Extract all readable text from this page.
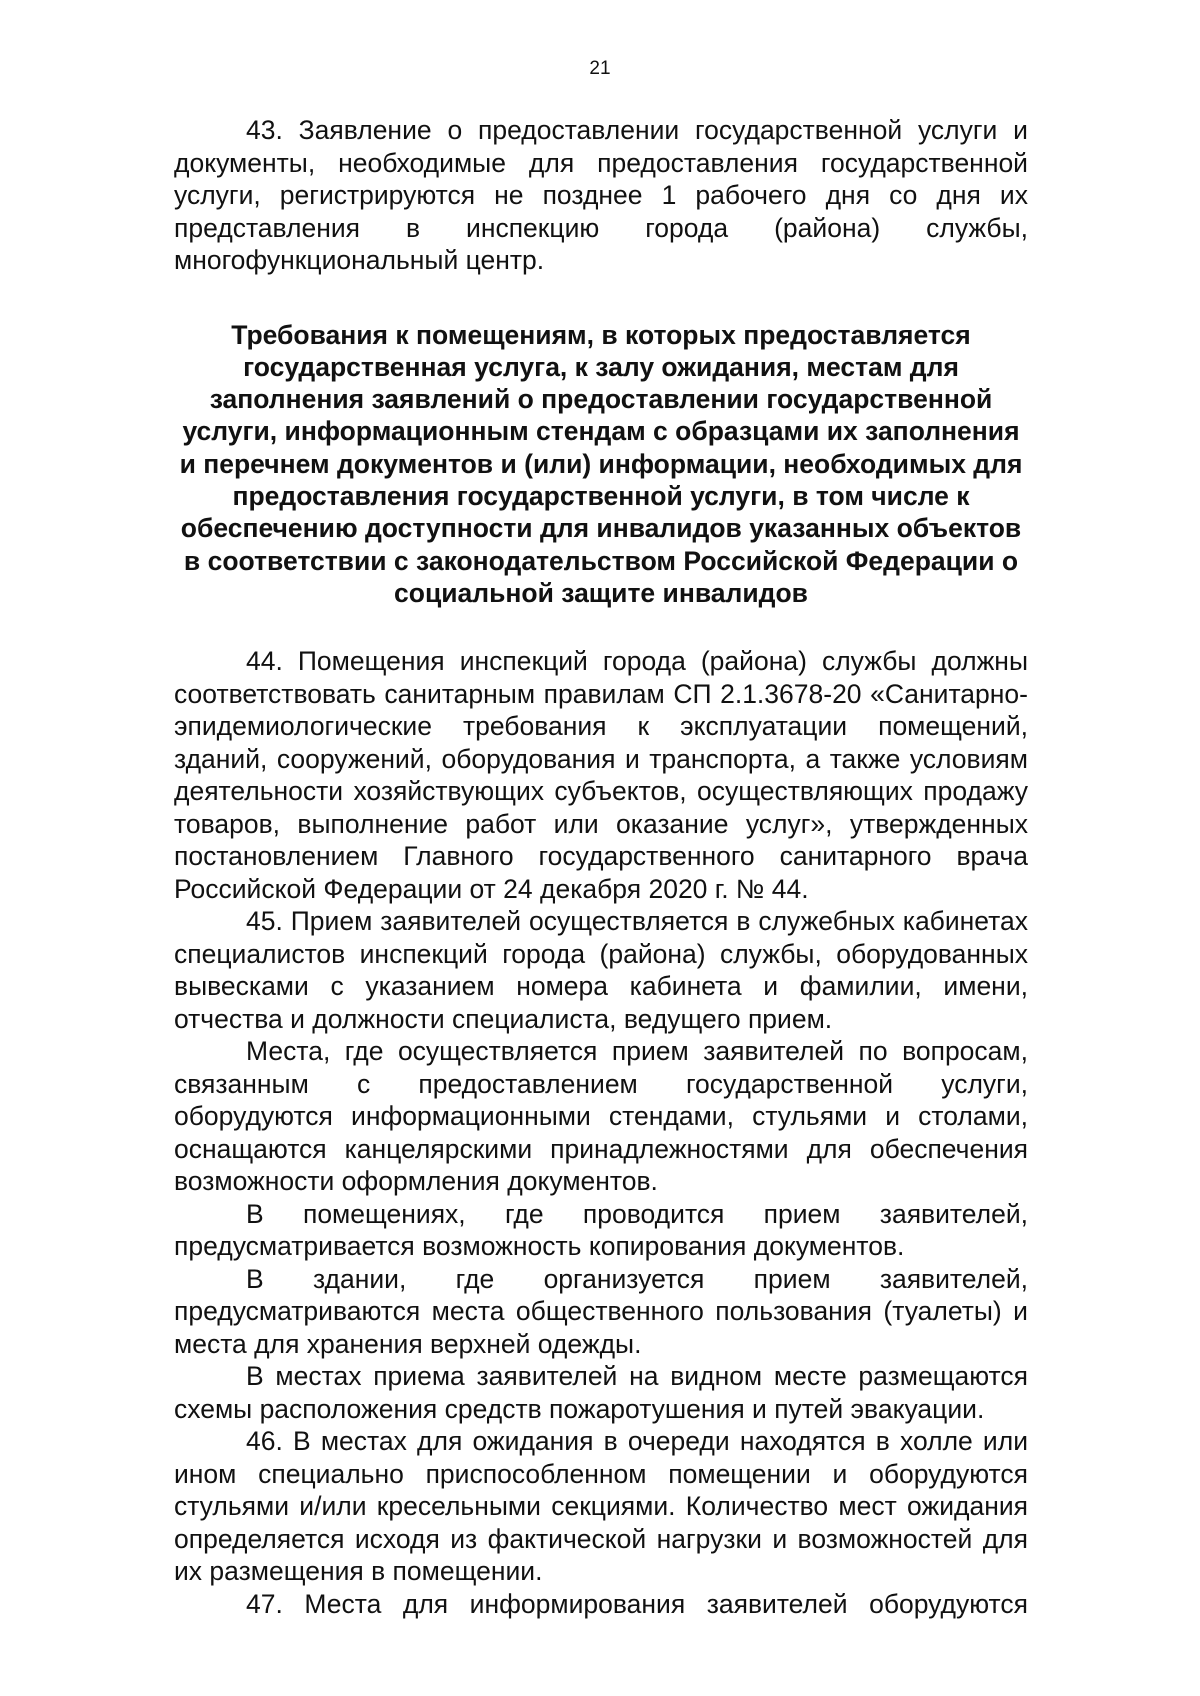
21

43. Заявление о предоставлении государственной услуги и документы, необходимые для предоставления государственной услуги, регистрируются не позднее 1 рабочего дня со дня их представления в инспекцию города (района) службы, многофункциональный центр.

Требования к помещениям, в которых предоставляется государственная услуга, к залу ожидания, местам для заполнения заявлений о предоставлении государственной услуги, информационным стендам с образцами их заполнения и перечнем документов и (или) информации, необходимых для предоставления государственной услуги, в том числе к обеспечению доступности для инвалидов указанных объектов в соответствии с законодательством Российской Федерации о социальной защите инвалидов

44. Помещения инспекций города (района) службы должны соответствовать санитарным правилам СП 2.1.3678-20 «Санитарно-эпидемиологические требования к эксплуатации помещений, зданий, сооружений, оборудования и транспорта, а также условиям деятельности хозяйствующих субъектов, осуществляющих продажу товаров, выполнение работ или оказание услуг», утвержденных постановлением Главного государственного санитарного врача Российской Федерации от 24 декабря 2020 г. № 44.

45. Прием заявителей осуществляется в служебных кабинетах специалистов инспекций города (района) службы, оборудованных вывесками с указанием номера кабинета и фамилии, имени, отчества и должности специалиста, ведущего прием.

Места, где осуществляется прием заявителей по вопросам, связанным с предоставлением государственной услуги, оборудуются информационными стендами, стульями и столами, оснащаются канцелярскими принадлежностями для обеспечения возможности оформления документов.

В помещениях, где проводится прием заявителей, предусматривается возможность копирования документов.

В здании, где организуется прием заявителей, предусматриваются места общественного пользования (туалеты) и места для хранения верхней одежды.

В местах приема заявителей на видном месте размещаются схемы расположения средств пожаротушения и путей эвакуации.

46. В местах для ожидания в очереди находятся в холле или ином специально приспособленном помещении и оборудуются стульями и/или кресельными секциями. Количество мест ожидания определяется исходя из фактической нагрузки и возможностей для их размещения в помещении.

47. Места для информирования заявителей оборудуются
